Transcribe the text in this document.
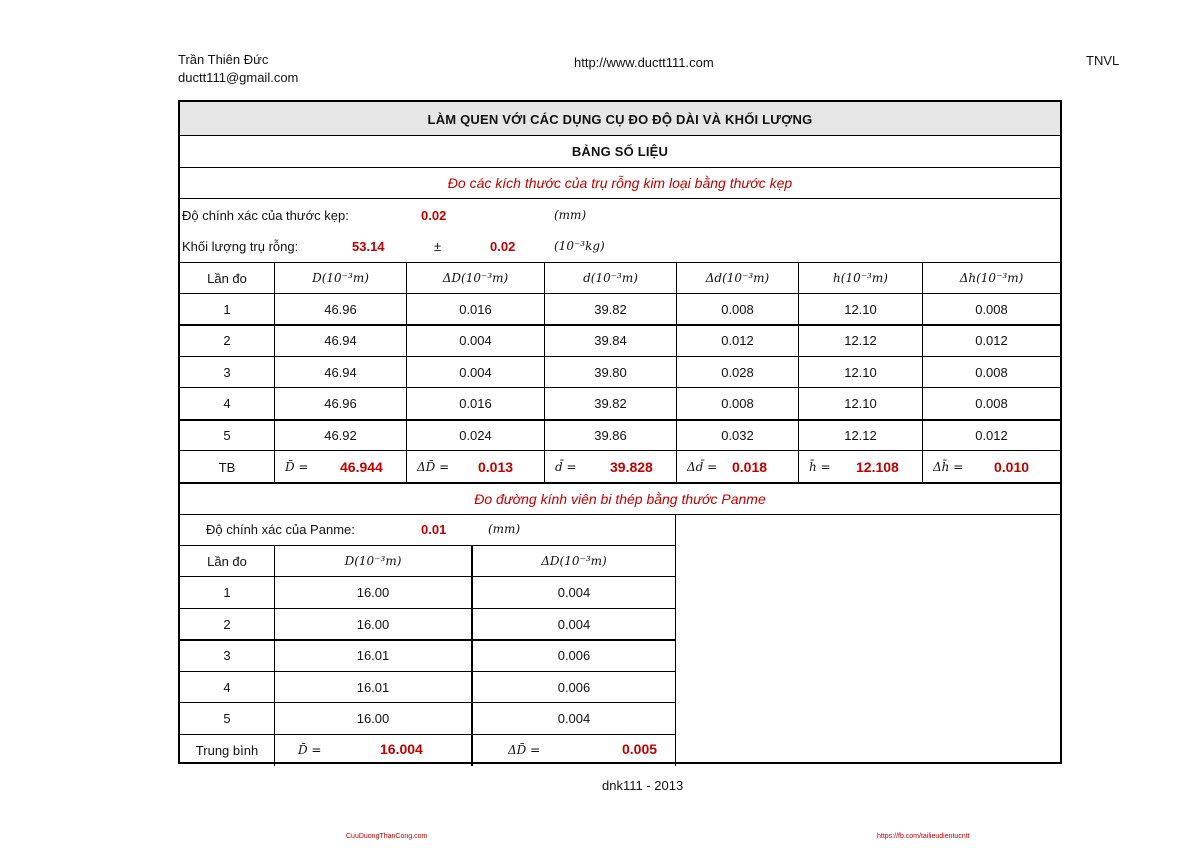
Trần Thiên Đức
ductt111@gmail.com
http://www.ductt111.com	TNVL
LÀM QUEN VỚI CÁC DỤNG CỤ ĐO ĐỘ DÀI VÀ KHỐI LƯỢNG
BẢNG SỐ LIỆU
Đo các kích thước của trụ rỗng kim loại bằng thước kẹp
Độ chính xác của thước kẹp:	0.02	(mm)
Khối lượng trụ rỗng:	53.14	±	0.02	(10⁻³kg)
Lần đo	D(10⁻³m)	ΔD(10⁻³m)	d(10⁻³m)	Δd(10⁻³m)	h(10⁻³m)	Δh(10⁻³m)
1	46.96	0.016	39.82	0.008	12.10	0.008
2	46.94	0.004	39.84	0.012	12.12	0.012
3	46.94	0.004	39.80	0.028	12.10	0.008
4	46.96	0.016	39.82	0.008	12.10	0.008
5	46.92	0.024	39.86	0.032	12.12	0.012
TB	D̄ = 46.944	ΔD̄ = 0.013	d̄ = 39.828	Δd̄ = 0.018	h̄ = 12.108	Δh̄ = 0.010
Đo đường kính viên bi thép bằng thước Panme
Độ chính xác của Panme:	0.01	(mm)
Lần đo	D(10⁻³m)	ΔD(10⁻³m)
1	16.00	0.004
2	16.00	0.004
3	16.01	0.006
4	16.01	0.006
5	16.00	0.004
Trung bình	D̄ =	16.004	ΔD̄ =	0.005
dnk111 - 2013
CuuDuongThanCong.com	https://fb.com/tailieudientucntt
